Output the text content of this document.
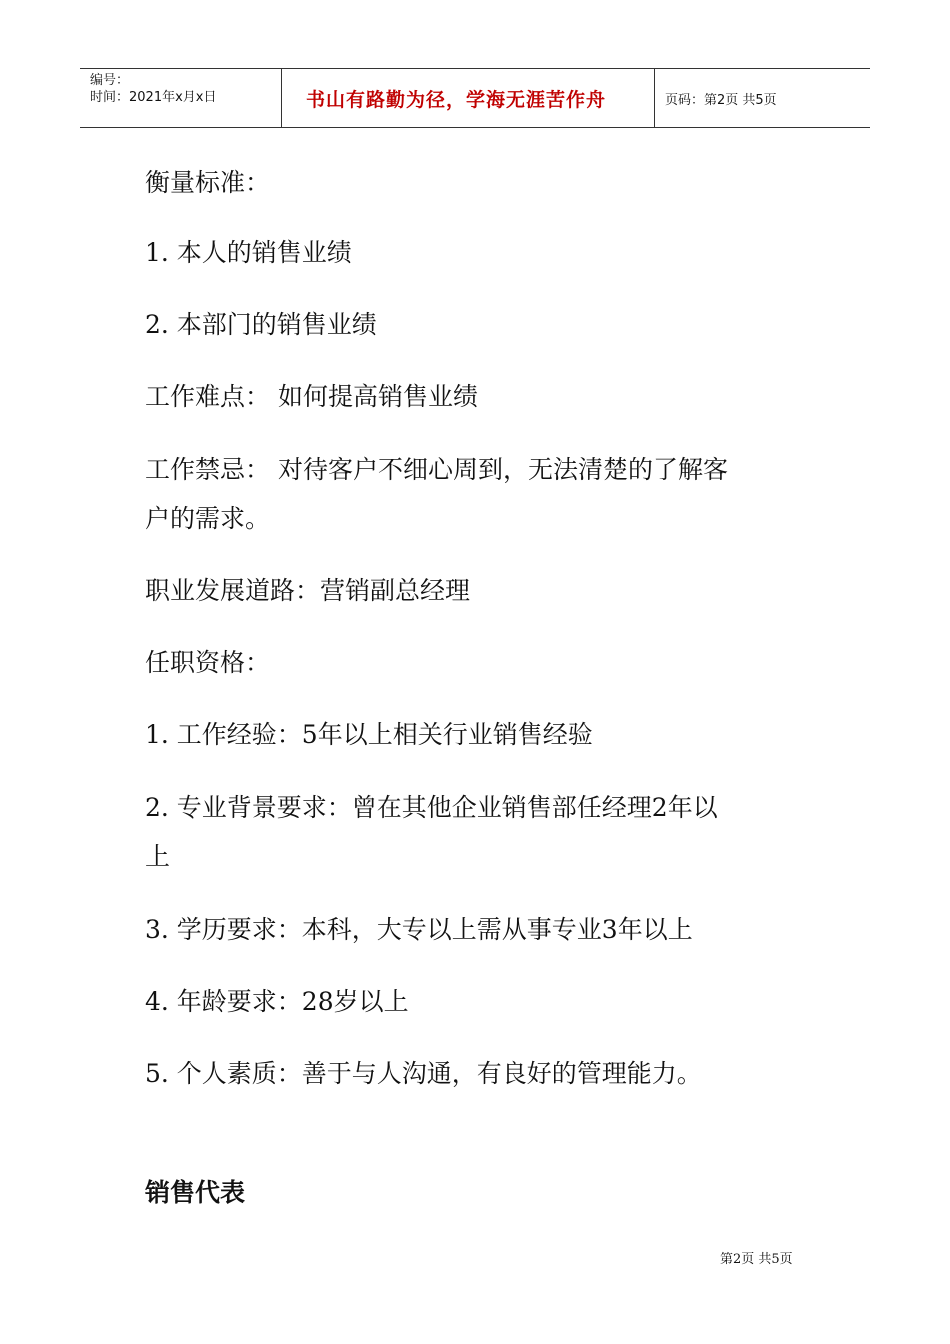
编号：
时间：2021年x月x日	书山有路勤为径，学海无涯苦作舟	页码：第2页 共5页
衡量标准：
1. 本人的销售业绩
2. 本部门的销售业绩
工作难点： 如何提高销售业绩
工作禁忌： 对待客户不细心周到，无法清楚的了解客
户的需求。
职业发展道路：营销副总经理
任职资格：
1. 工作经验：5年以上相关行业销售经验
2. 专业背景要求：曾在其他企业销售部任经理2年以
上
3. 学历要求：本科，大专以上需从事专业3年以上
4. 年龄要求：28岁以上
5. 个人素质：善于与人沟通，有良好的管理能力。
销售代表
第2页 共5页
